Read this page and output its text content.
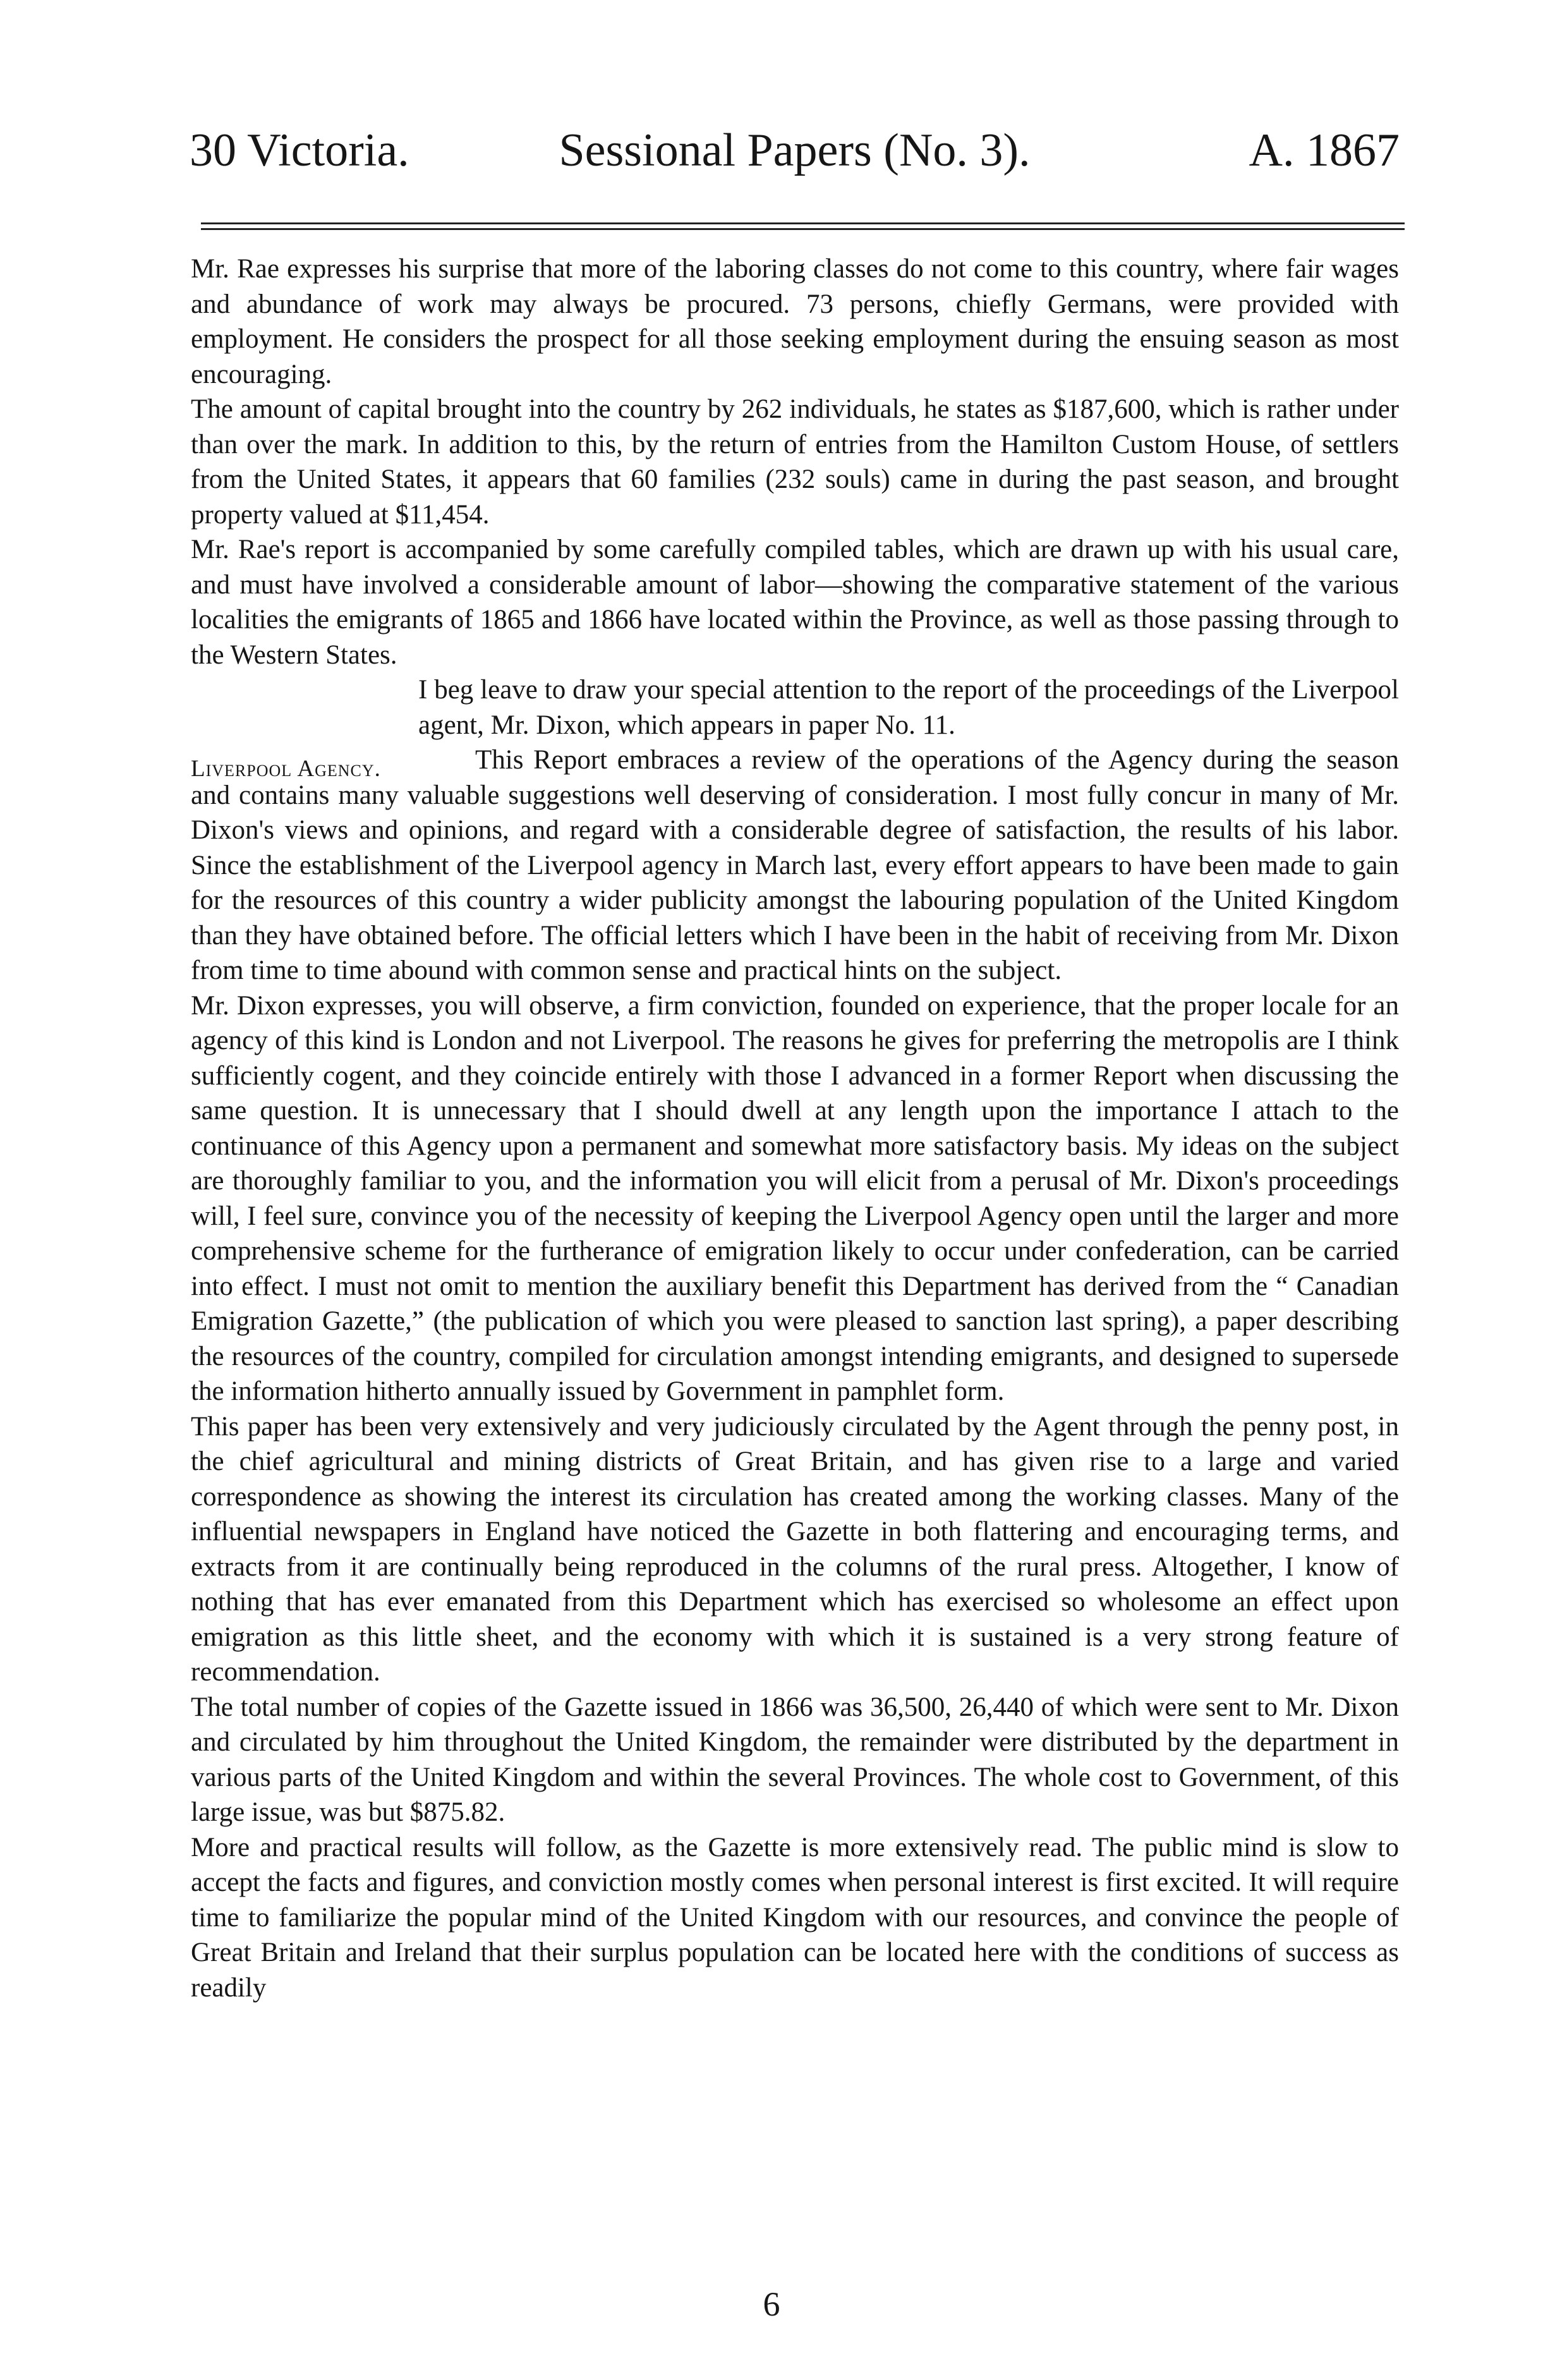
30 Victoria.	Sessional Papers (No. 3).	A. 1867
Liverpool Agency.

Mr. Rae expresses his surprise that more of the laboring classes do not come to this country, where fair wages and abundance of work may always be procured. 73 persons, chiefly Germans, were provided with employment. He considers the prospect for all those seeking employment during the ensuing season as most encouraging.

The amount of capital brought into the country by 262 individuals, he states as $187,600, which is rather under than over the mark. In addition to this, by the return of entries from the Hamilton Custom House, of settlers from the United States, it appears that 60 families (232 souls) came in during the past season, and brought property valued at $11,454.

Mr. Rae's report is accompanied by some carefully compiled tables, which are drawn up with his usual care, and must have involved a considerable amount of labor—showing the comparative statement of the various localities the emigrants of 1865 and 1866 have located within the Province, as well as those passing through to the Western States.

I beg leave to draw your special attention to the report of the proceedings of the Liverpool agent, Mr. Dixon, which appears in paper No. 11.

This Report embraces a review of the operations of the Agency during the season and contains many valuable suggestions well deserving of consideration. I most fully concur in many of Mr. Dixon's views and opinions, and regard with a considerable degree of satisfaction, the results of his labor. Since the establishment of the Liverpool agency in March last, every effort appears to have been made to gain for the resources of this country a wider publicity amongst the labouring population of the United Kingdom than they have obtained before. The official letters which I have been in the habit of receiving from Mr. Dixon from time to time abound with common sense and practical hints on the subject.

Mr. Dixon expresses, you will observe, a firm conviction, founded on experience, that the proper locale for an agency of this kind is London and not Liverpool. The reasons he gives for preferring the metropolis are I think sufficiently cogent, and they coincide entirely with those I advanced in a former Report when discussing the same question. It is unnecessary that I should dwell at any length upon the importance I attach to the continuance of this Agency upon a permanent and somewhat more satisfactory basis. My ideas on the subject are thoroughly familiar to you, and the information you will elicit from a perusal of Mr. Dixon's proceedings will, I feel sure, convince you of the necessity of keeping the Liverpool Agency open until the larger and more comprehensive scheme for the furtherance of emigration likely to occur under confederation, can be carried into effect. I must not omit to mention the auxiliary benefit this Department has derived from the “ Canadian Emigration Gazette,” (the publication of which you were pleased to sanction last spring), a paper describing the resources of the country, compiled for circulation amongst intending emigrants, and designed to supersede the information hitherto annually issued by Government in pamphlet form.

This paper has been very extensively and very judiciously circulated by the Agent through the penny post, in the chief agricultural and mining districts of Great Britain, and has given rise to a large and varied correspondence as showing the interest its circulation has created among the working classes. Many of the influential newspapers in England have noticed the Gazette in both flattering and encouraging terms, and extracts from it are continually being reproduced in the columns of the rural press. Altogether, I know of nothing that has ever emanated from this Department which has exercised so wholesome an effect upon emigration as this little sheet, and the economy with which it is sustained is a very strong feature of recommendation.

The total number of copies of the Gazette issued in 1866 was 36,500, 26,440 of which were sent to Mr. Dixon and circulated by him throughout the United Kingdom, the remainder were distributed by the department in various parts of the United Kingdom and within the several Provinces. The whole cost to Government, of this large issue, was but $875.82.

More and practical results will follow, as the Gazette is more extensively read. The public mind is slow to accept the facts and figures, and conviction mostly comes when personal interest is first excited. It will require time to familiarize the popular mind of the United Kingdom with our resources, and convince the people of Great Britain and Ireland that their surplus population can be located here with the conditions of success as readily

6
